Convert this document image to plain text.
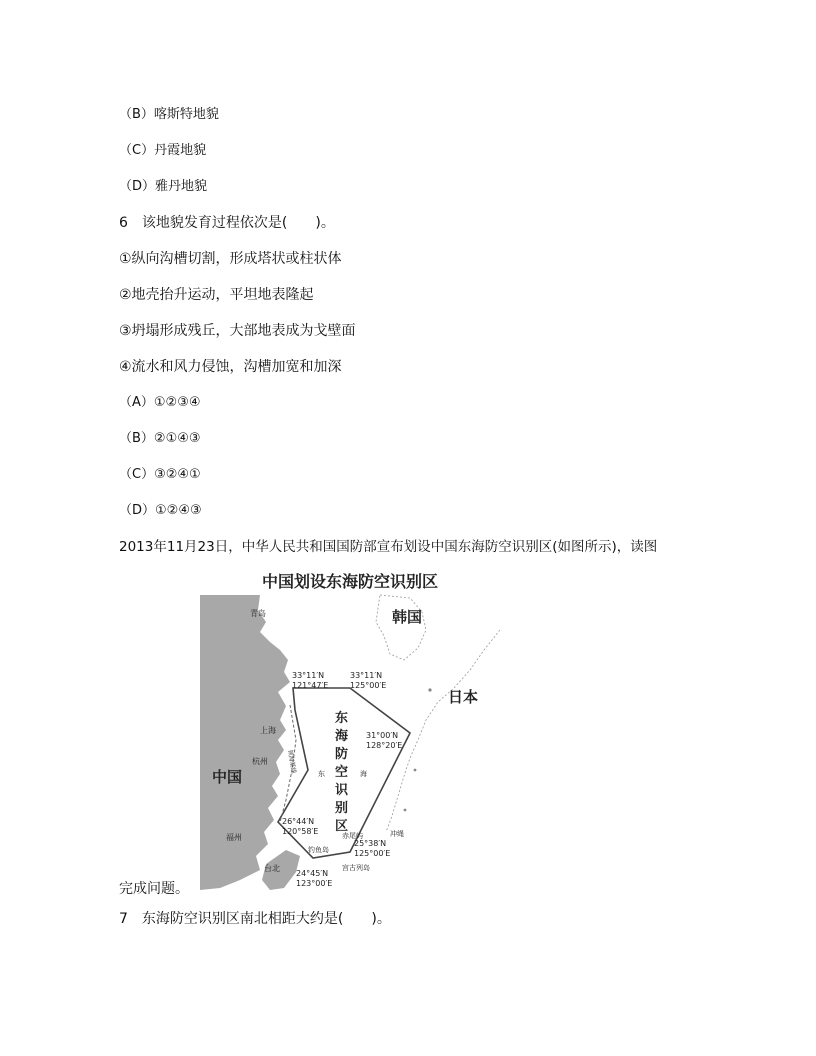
（B）喀斯特地貌
（C）丹霞地貌
（D）雅丹地貌
6　该地貌发育过程依次是(　　)。
①纵向沟槽切割，形成塔状或柱状体
②地壳抬升运动，平坦地表隆起
③坍塌形成残丘，大部地表成为戈壁面
④流水和风力侵蚀，沟槽加宽和加深
（A）①②③④
（B）②①④③
（C）③②④①
（D）①②④③
2013年11月23日，中华人民共和国国防部宣布划设中国东海防空识别区(如图所示)，读图
中国划设东海防空识别区
中国
韩国
日本
青岛
上海
杭州
福州
台北
东
海
防
空
识
别
区
东	海
领海基线
33°11′N
121°47′E
33°11′N
125°00′E
31°00′N
128°20′E
26°44′N
120°58′E
25°38′N
125°00′E
24°45′N
123°00′E
赤尾屿
钓鱼岛
宫古列岛
冲绳
完成问题。
7　东海防空识别区南北相距大约是(　　)。
